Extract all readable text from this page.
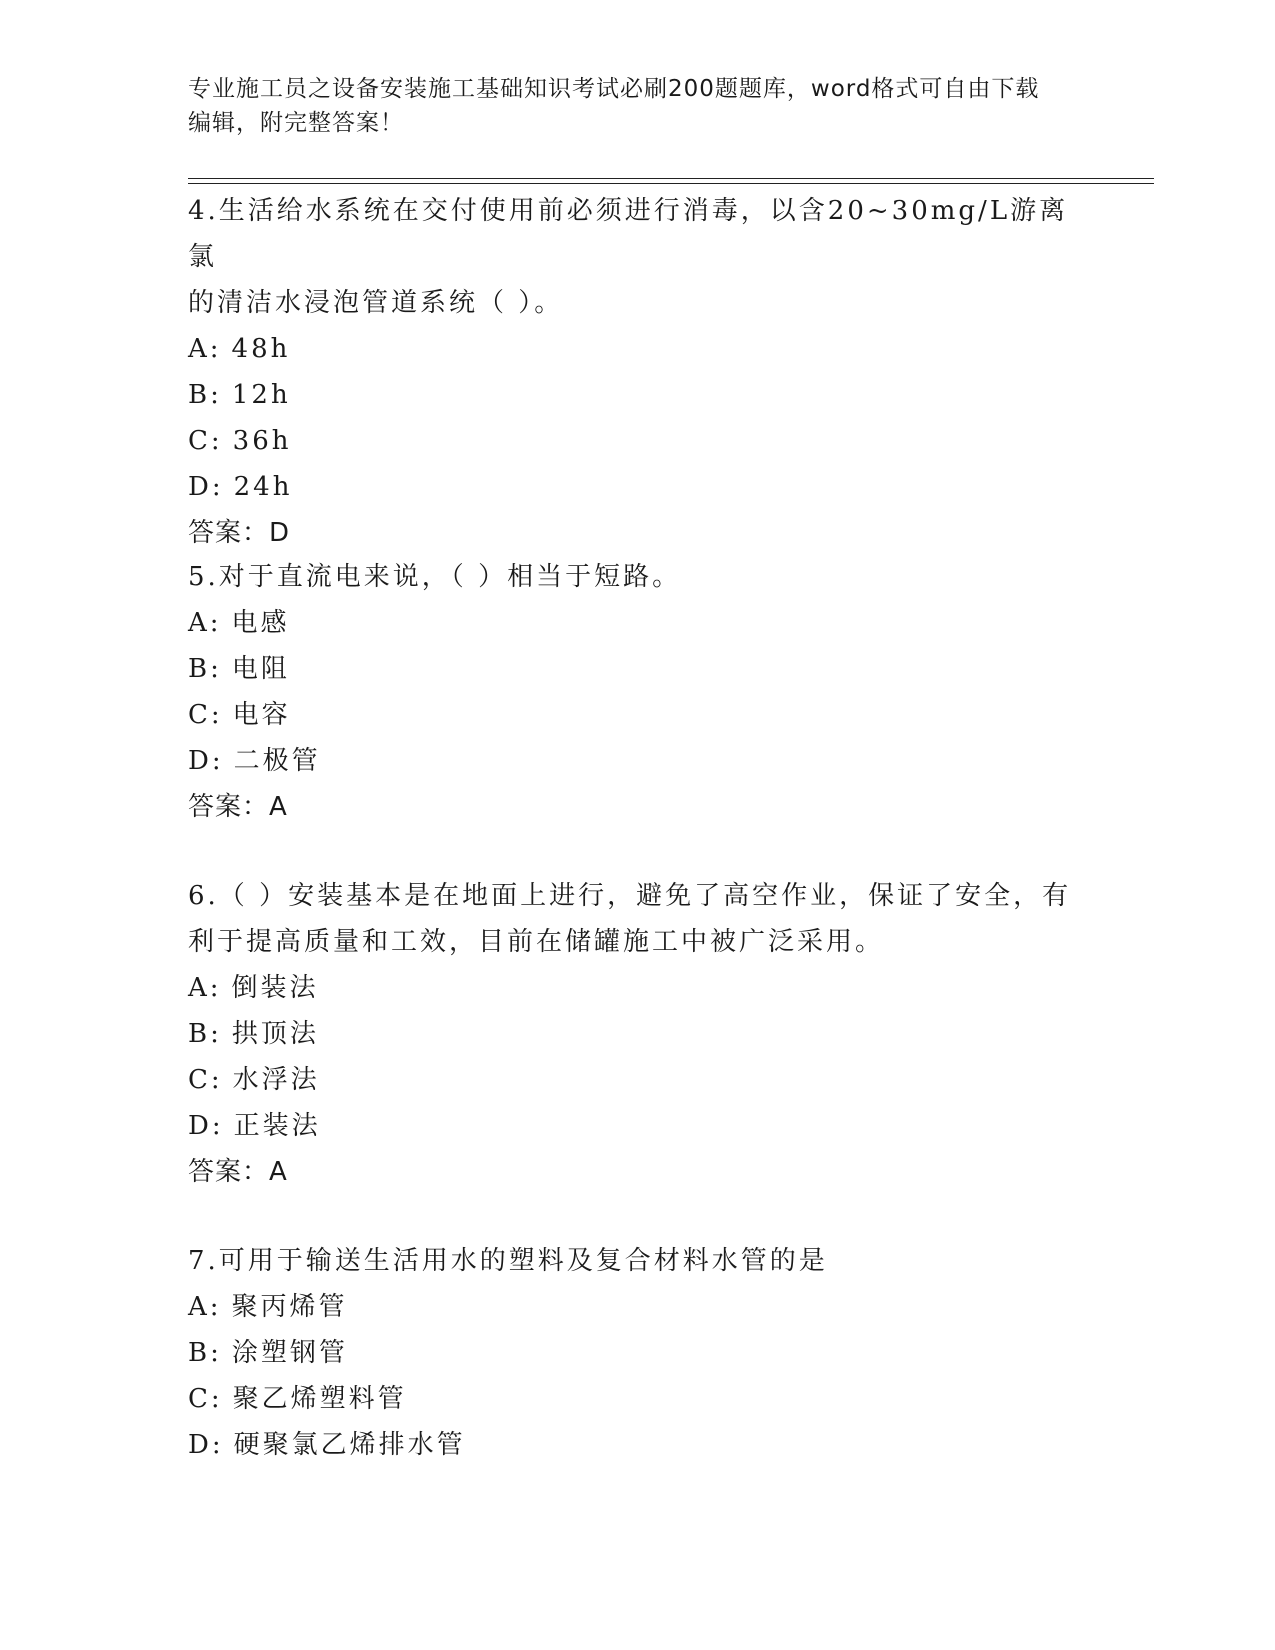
专业施工员之设备安装施工基础知识考试必刷200题题库，word格式可自由下载
编辑，附完整答案！
4.生活给水系统在交付使用前必须进行消毒，以含20~30mg/L游离氯
的清洁水浸泡管道系统（ ）。
A: 48h
B: 12h
C: 36h
D: 24h
答案：D
5.对于直流电来说，（ ）相当于短路。
A: 电感
B: 电阻
C: 电容
D: 二极管
答案：A
6.（ ）安装基本是在地面上进行，避免了高空作业，保证了安全，有
利于提高质量和工效，目前在储罐施工中被广泛采用。
A: 倒装法
B: 拱顶法
C: 水浮法
D: 正装法
答案：A
7.可用于输送生活用水的塑料及复合材料水管的是
A: 聚丙烯管
B: 涂塑钢管
C: 聚乙烯塑料管
D: 硬聚氯乙烯排水管
